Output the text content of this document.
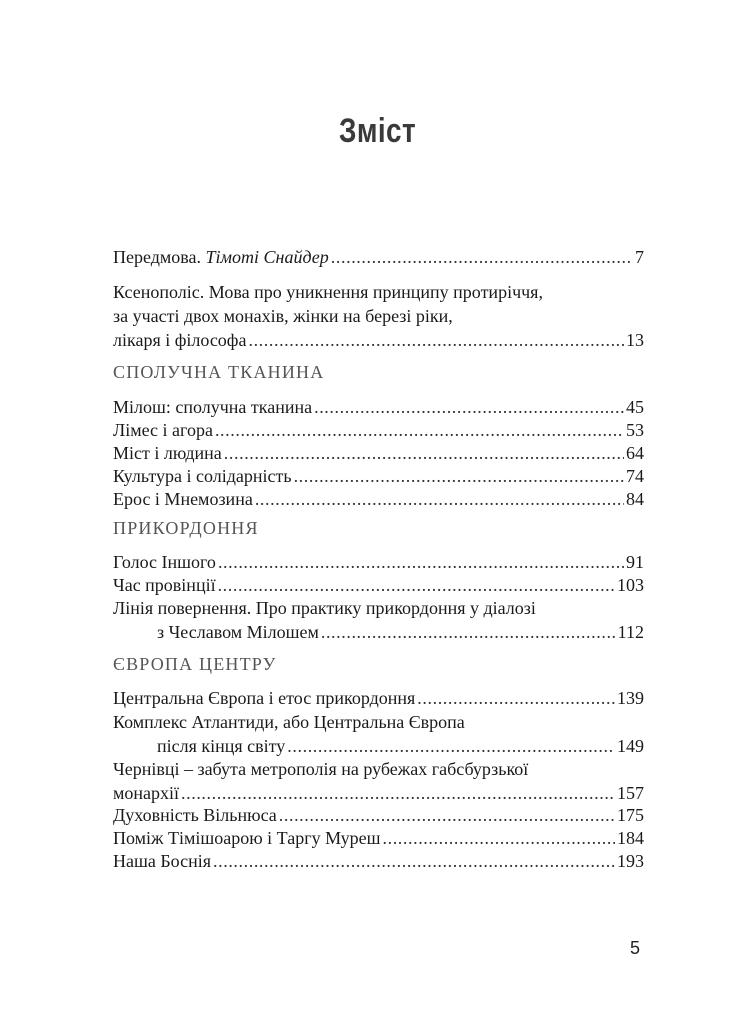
Зміст
Передмова. Тімоті Снайдер .....	7
Ксенополіс. Мова про уникнення принципу протиріччя,
за участі двох монахів, жінки на березі ріки,
лікаря і філософа .....	13
СПОЛУЧНА ТКАНИНА
Мілош: сполучна тканина .....	45
Лімес і агора .....	53
Міст і людина .....	64
Культура і солідарність .....	74
Ерос і Мнемозина .....	84
ПРИКОРДОННЯ
Голос Іншого .....	91
Час провінції .....	103
Лінія повернення. Про практику прикордоння у діалозі
з Чеславом Мілошем .....	112
ЄВРОПА ЦЕНТРУ
Центральна Європа і етос прикордоння .....	139
Комплекс Атлантиди, або Центральна Європа
після кінця світу .....	149
Чернівці – забута метрополія на рубежах габсбурзької
монархії .....	157
Духовність Вільнюса .....	175
Поміж Тімішоарою і Таргу Муреш .....	184
Наша Боснія .....	193
5
